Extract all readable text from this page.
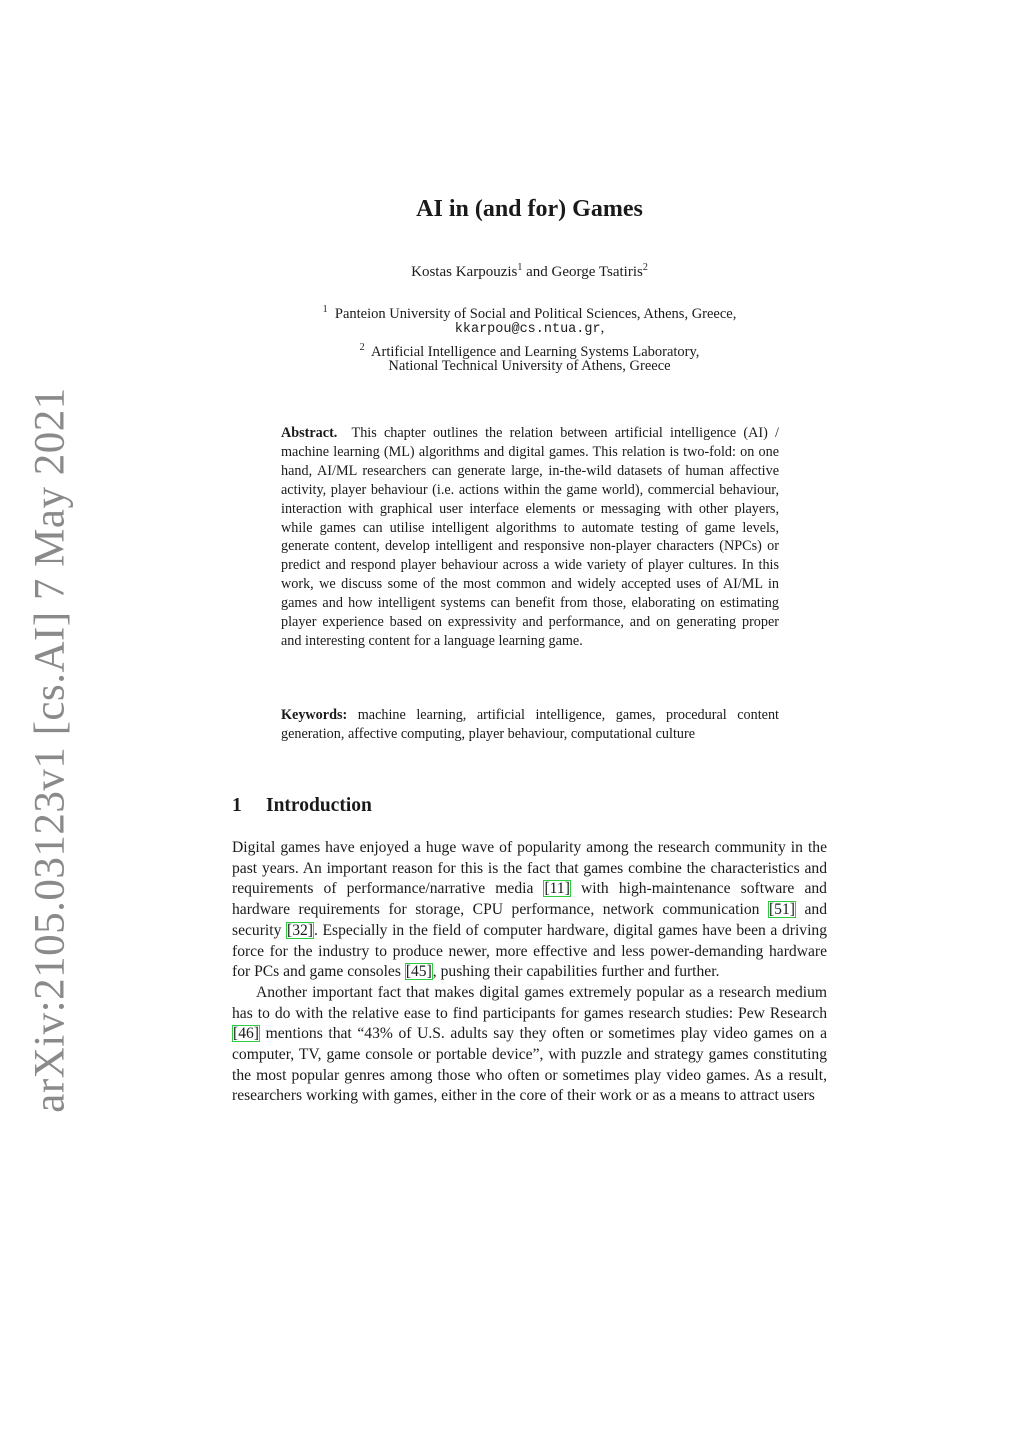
arXiv:2105.03123v1 [cs.AI] 7 May 2021
AI in (and for) Games
Kostas Karpouzis$^1$ and George Tsatiris$^2$
$^1$ Panteion University of Social and Political Sciences, Athens, Greece,
kkarpou@cs.ntua.gr,
$^2$ Artificial Intelligence and Learning Systems Laboratory,
National Technical University of Athens, Greece
Abstract. This chapter outlines the relation between artificial intelligence (AI) / machine learning (ML) algorithms and digital games. This relation is two-fold: on one hand, AI/ML researchers can generate large, in-the-wild datasets of human affective activity, player behaviour (i.e. actions within the game world), commercial behaviour, interaction with graphical user interface elements or messaging with other players, while games can utilise intelligent algorithms to automate testing of game levels, generate content, develop intelligent and responsive non-player characters (NPCs) or predict and respond player behaviour across a wide variety of player cultures. In this work, we discuss some of the most common and widely accepted uses of AI/ML in games and how intelligent systems can benefit from those, elaborating on estimating player experience based on expressivity and performance, and on generating proper and interesting content for a language learning game.
Keywords: machine learning, artificial intelligence, games, procedural content generation, affective computing, player behaviour, computational culture
1 Introduction

Digital games have enjoyed a huge wave of popularity among the research community in the past years. An important reason for this is the fact that games combine the characteristics and requirements of performance/narrative media [11] with high-maintenance software and hardware requirements for storage, CPU performance, network communication [51] and security [32]. Especially in the field of computer hardware, digital games have been a driving force for the industry to produce newer, more effective and less power-demanding hardware for PCs and game consoles [45], pushing their capabilities further and further.

Another important fact that makes digital games extremely popular as a research medium has to do with the relative ease to find participants for games research studies: Pew Research [46] mentions that “43% of U.S. adults say they often or sometimes play video games on a computer, TV, game console or portable device”, with puzzle and strategy games constituting the most popular genres among those who often or sometimes play video games. As a result, researchers working with games, either in the core of their work or as a means to attract users
